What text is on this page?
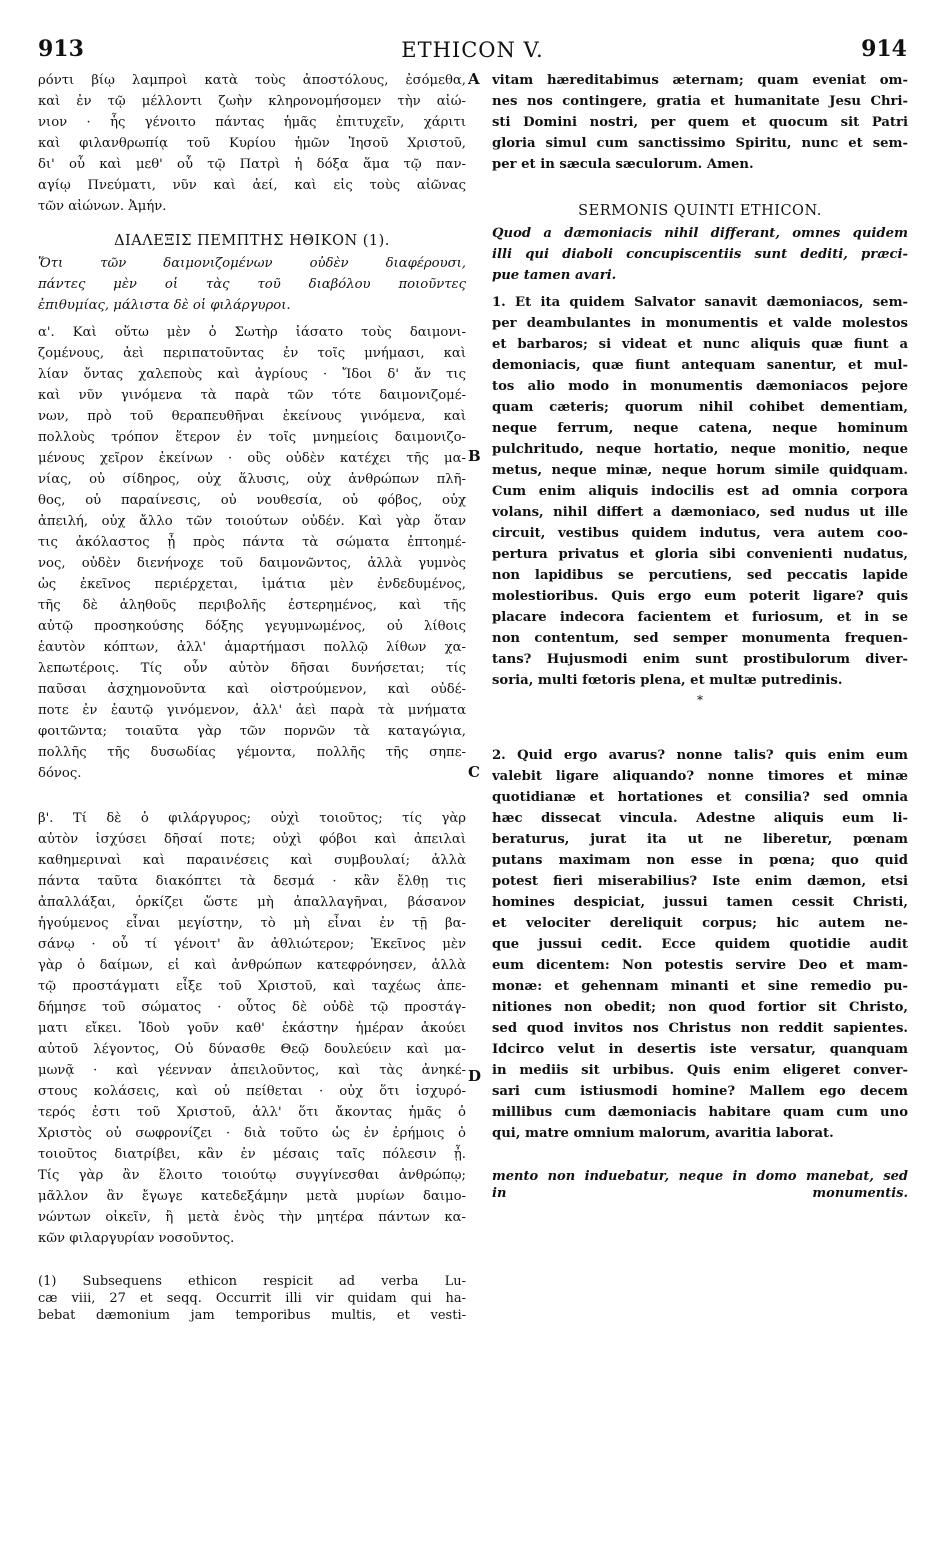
913	ETHICON V.	914
A
B
C
D
ρόντι βίῳ λαμπροὶ κατὰ τοὺς ἀποστόλους, ἐσόμεθα,
καὶ ἐν τῷ μέλλοντι ζωὴν κληρονομήσομεν τὴν αἰώ-
νιον · ἧς γένοιτο πάντας ἡμᾶς ἐπιτυχεῖν, χάριτι
καὶ φιλανθρωπίᾳ τοῦ Κυρίου ἡμῶν Ἰησοῦ Χριστοῦ,
δι' οὗ καὶ μεθ' οὗ τῷ Πατρὶ ἡ δόξα ἅμα τῷ παν-
αγίῳ Πνεύματι, νῦν καὶ ἀεί, καὶ εἰς τοὺς αἰῶνας
τῶν αἰώνων. Ἀμήν.
ΔΙΑΛΕΞΙΣ ΠΕΜΠΤΗΣ ΗΘΙΚΟΝ (1).
Ὅτι τῶν δαιμονιζομένων οὐδὲν διαφέρουσι,
πάντες μὲν οἱ τὰς τοῦ διαβόλου ποιοῦντες
ἐπιθυμίας, μάλιστα δὲ οἱ φιλάργυροι.
α'. Καὶ οὕτω μὲν ὁ Σωτὴρ ἰάσατο τοὺς δαιμονι-
ζομένους, ἀεὶ περιπατοῦντας ἐν τοῖς μνήμασι, καὶ
λίαν ὄντας χαλεποὺς καὶ ἀγρίους · Ἴδοι δ' ἄν τις
καὶ νῦν γινόμενα τὰ παρὰ τῶν τότε δαιμονιζομέ-
νων, πρὸ τοῦ θεραπευθῆναι ἐκείνους γινόμενα, καὶ
πολλοὺς τρόπον ἕτερον ἐν τοῖς μνημείοις δαιμονιζο-
μένους χεῖρον ἐκείνων · οὓς οὐδὲν κατέχει τῆς μα-
νίας, οὐ σίδηρος, οὐχ ἅλυσις, οὐχ ἀνθρώπων πλῆ-
θος, οὐ παραίνεσις, οὐ νουθεσία, οὐ φόβος, οὐχ
ἀπειλή, οὐχ ἄλλο τῶν τοιούτων οὐδέν. Καὶ γὰρ ὅταν
τις ἀκόλαστος ᾖ πρὸς πάντα τὰ σώματα ἐπτοημέ-
νος, οὐδὲν διενήνοχε τοῦ δαιμονῶντος, ἀλλὰ γυμνὸς
ὡς ἐκεῖνος περιέρχεται, ἱμάτια μὲν ἐνδεδυμένος,
τῆς δὲ ἀληθοῦς περιβολῆς ἐστερημένος, καὶ τῆς
αὐτῷ προσηκούσης δόξης γεγυμνωμένος, οὐ λίθοις
ἑαυτὸν κόπτων, ἀλλ' ἁμαρτήμασι πολλῷ λίθων χα-
λεπωτέροις. Τίς οὖν αὐτὸν δῆσαι δυνήσεται; τίς
παῦσαι ἀσχημονοῦντα καὶ οἰστρούμενον, καὶ οὐδέ-
ποτε ἐν ἑαυτῷ γινόμενον, ἀλλ' ἀεὶ παρὰ τὰ μνήματα
φοιτῶντα; τοιαῦτα γὰρ τῶν πορνῶν τὰ καταγώγια,
πολλῆς τῆς δυσωδίας γέμοντα, πολλῆς τῆς σηπε-
δόνος.
β'. Τί δὲ ὁ φιλάργυρος; οὐχὶ τοιοῦτος; τίς γὰρ
αὐτὸν ἰσχύσει δῆσαί ποτε; οὐχὶ φόβοι καὶ ἀπειλαὶ
καθημεριναὶ καὶ παραινέσεις καὶ συμβουλαί; ἀλλὰ
πάντα ταῦτα διακόπτει τὰ δεσμά · κἂν ἔλθῃ τις
ἀπαλλάξαι, ὁρκίζει ὥστε μὴ ἀπαλλαγῆναι, βάσανον
ἡγούμενος εἶναι μεγίστην, τὸ μὴ εἶναι ἐν τῇ βα-
σάνῳ · οὗ τί γένοιτ' ἂν ἀθλιώτερον; Ἐκεῖνος μὲν
γὰρ ὁ δαίμων, εἰ καὶ ἀνθρώπων κατεφρόνησεν, ἀλλὰ
τῷ προστάγματι εἶξε τοῦ Χριστοῦ, καὶ ταχέως ἀπε-
δήμησε τοῦ σώματος · οὗτος δὲ οὐδὲ τῷ προστάγ-
ματι εἴκει. Ἰδοὺ γοῦν καθ' ἑκάστην ἡμέραν ἀκούει
αὐτοῦ λέγοντος, Οὐ δύνασθε Θεῷ δουλεύειν καὶ μα-
μωνᾷ · καὶ γέενναν ἀπειλοῦντος, καὶ τὰς ἀνηκέ-
στους κολάσεις, καὶ οὐ πείθεται · οὐχ ὅτι ἰσχυρό-
τερός ἐστι τοῦ Χριστοῦ, ἀλλ' ὅτι ἄκοντας ἡμᾶς ὁ
Χριστὸς οὐ σωφρονίζει · διὰ τοῦτο ὡς ἐν ἐρήμοις ὁ
τοιοῦτος διατρίβει, κἂν ἐν μέσαις ταῖς πόλεσιν ᾖ.
Τίς γὰρ ἂν ἕλοιτο τοιούτῳ συγγίνεσθαι ἀνθρώπῳ;
μᾶλλον ἂν ἔγωγε κατεδεξάμην μετὰ μυρίων δαιμο-
νώντων οἰκεῖν, ἢ μετὰ ἑνὸς τὴν μητέρα πάντων κα-
κῶν φιλαργυρίαν νοσοῦντος.
(1) Subsequens ethicon respicit ad verba Lu-
cæ viii, 27 et seqq. Occurrit illi vir quidam qui ha-
bebat dæmonium jam temporibus multis, et vesti-
vitam hæreditabimus æternam; quam eveniat om-
nes nos contingere, gratia et humanitate Jesu Chri-
sti Domini nostri, per quem et quocum sit Patri
gloria simul cum sanctissimo Spiritu, nunc et sem-
per et in sæcula sæculorum. Amen.
SERMONIS QUINTI ETHICON.
Quod a dæmoniacis nihil differant, omnes quidem
illi qui diaboli concupiscentiis sunt dediti, præci-
pue tamen avari.
1. Et ita quidem Salvator sanavit dæmoniacos, sem-
per deambulantes in monumentis et valde molestos
et barbaros; si videat et nunc aliquis quæ fiunt a
demoniacis, quæ fiunt antequam sanentur, et mul-
tos alio modo in monumentis dæmoniacos pejore
quam cæteris; quorum nihil cohibet dementiam,
neque ferrum, neque catena, neque hominum
pulchritudo, neque hortatio, neque monitio, neque
metus, neque minæ, neque horum simile quidquam.
Cum enim aliquis indocilis est ad omnia corpora
volans, nihil differt a dæmoniaco, sed nudus ut ille
circuit, vestibus quidem indutus, vera autem coo-
pertura privatus et gloria sibi convenienti nudatus,
non lapidibus se percutiens, sed peccatis lapide
molestioribus. Quis ergo eum poterit ligare? quis
placare indecora facientem et furiosum, et in se
non contentum, sed semper monumenta frequen-
tans? Hujusmodi enim sunt prostibulorum diver-
soria, multi fœtoris plena, et multæ putredinis.
*
2. Quid ergo avarus? nonne talis? quis enim eum
valebit ligare aliquando? nonne timores et minæ
quotidianæ et hortationes et consilia? sed omnia
hæc dissecat vincula. Adestne aliquis eum li-
beraturus, jurat ita ut ne liberetur, pœnam
putans maximam non esse in pœna; quo quid
potest fieri miserabilius? Iste enim dæmon, etsi
homines despiciat, jussui tamen cessit Christi,
et velociter dereliquit corpus; hic autem ne-
que jussui cedit. Ecce quidem quotidie audit
eum dicentem: Non potestis servire Deo et mam-
monæ: et gehennam minanti et sine remedio pu-
nitiones non obedit; non quod fortior sit Christo,
sed quod invitos nos Christus non reddit sapientes.
Idcirco velut in desertis iste versatur, quanquam
in mediis sit urbibus. Quis enim eligeret conver-
sari cum istiusmodi homine? Mallem ego decem
millibus cum dæmoniacis habitare quam cum uno
qui, matre omnium malorum, avaritia laborat.
mento non induebatur, neque in domo manebat, sed
in monumentis.
